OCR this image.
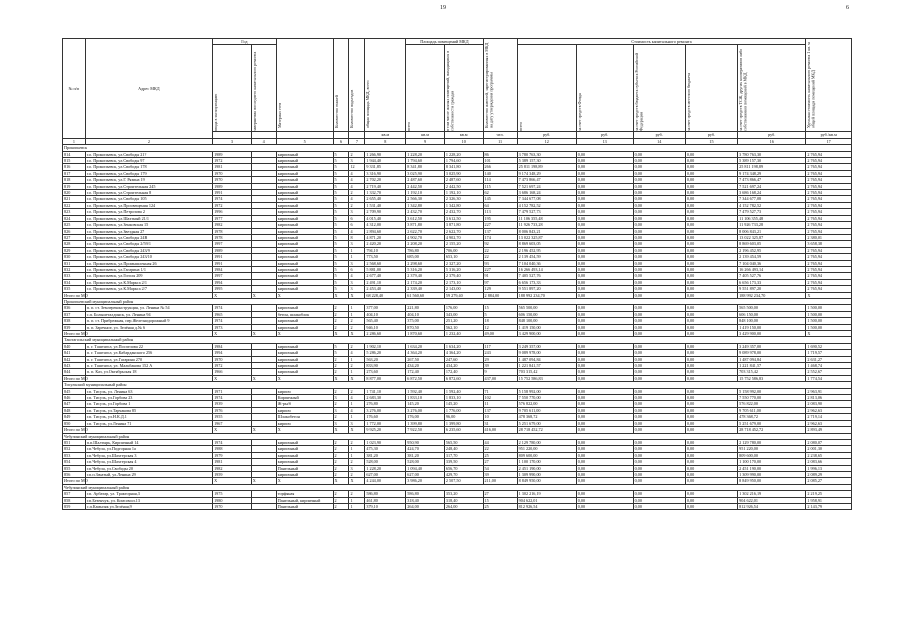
19	6
№ п/п	Адрес МКД	Год		Материал стен	Количество этажей	Количество подъездов	общая площадь МКД, всего	Площадь помещений МКД		Количество жителей, зарегистрированных в МКД на дату утверждения программы	Стоимость капитального ремонта					Удельная стоимость капитального ремонта 1 кв. м общей площади помещений МКД

		ввода в эксплуатацию	завершения последнего капитального ремонта					всего	в том числе жилых помещений, находящихся в собственности граждан		всего	за счет средств Фонда	за счет средств бюджета субъекта Российской Федерации	за счет средств местного бюджета	за счет средств ТСЖ, других кооперативов либо собственников помещений в МКД	

							кв.м	кв.м	кв.м	чел.	руб.	руб.	руб.	руб.	руб.	руб./кв.м
1	2	3	4	5	6	7	8	9	10	11	12	13	14	15	16	17
Прокопьевск																
814	г.о. Прокопьевск, ул.Свободы 21?	1989		кирпичный	5	2	1 266,90	1 228,20	1 228,20	86	3 780 763,30	0,00	0,00	0,00	3 780 763,30	2 765,94
815	г.о. Прокопьевск, ул.Свободы 97	1972		кирпичный	5	3	1 944,40	1 794,60	1 794,60	101	5 389 157,30	0,00	0,00	0,00	5 389 157,30	2 765,94
816	г.о. Прокопьевск, ул.Свободы 178	1981		кирпичный	5	12	9 331,85	8 341,80	8 341,80	266	25 811 198,89	0,00	0,00	0,00	25 811 198,89	2 765,94
817	г.о. Прокопьевск, ул.Свободы 179	1970		кирпичный	5	4	3 316,90	3 025,90	3 025,90	140	9 174 348,29	0,00	0,00	0,00	9 174 348,29	2 765,94
818	г.о. Прокопьевск, ул.Г. Рязина 19	1970		кирпичный	5	4	2 702,20	2 487,60	2 487,60	114	7 473 866,47	0,00	0,00	0,00	7 473 866,47	2 765,94
819	г.о. Прокопьевск, ул.Строительная 245	1989		кирпичный	5	4	2 719,40	2 442,50	2 442,50	115	7 521 697,24	0,00	0,00	0,00	7 521 697,24	2 765,94
820	г.о. Прокопьевск, ул.Строительная 8	1991		кирпичный	5	2	1 332,70	1 192,10	1 192,10	62	3 686 168,24	0,00	0,00	0,00	3 686 168,24	2 765,94
821	г.о. Прокопьевск, ул.Свободы 105	1974		кирпичный	5	4	2 655,40	2 566,30	2 326,30	145	7 344 677,08	0,00	0,00	0,00	7 344 677,08	2 765,94
822	г.о. Прокопьевск, ул.Просвещения 124	1972		кирпичный	5	2	1 531,40	1 342,80	1 342,80	64	4 152 782,52	0,00	0,00	0,00	4 152 782,52	2 765,94
823	г.о. Прокопьевск, ул.Петрозова 2	1996		кирпичный	5	3	2 709,90	2 432,70	2 432,70	113	7 479 527,73	0,00	0,00	0,00	7 479 527,73	2 765,94
824	г.о. Прокопьевск, ул.Шахтный 21/1	1977		кирпичный	5	6	4 015,40	3 612,50	3 612,50	195	11 106 355,48	0,00	0,00	0,00	11 106 355,48	2 765,94
825	г.о. Прокопьевск, ул.Зенковская 15	1982		кирпичный	5	6	4 312,00	3 871,80	3 871,80	227	11 926 733,28	0,00	0,00	0,00	11 926 733,28	2 765,94
826	г.о. Прокопьевск, ул.Звездная 27	1978		кирпичный	5	4	2 894,60	2 622,70	2 622,70	137	8 006 843,21	0,00	0,00	0,00	8 006 843,21	2 765,94
827	г.о. Прокопьевск, ул.Свободы 24В	1978		кирпичный	5	8	4 871,20	4 902,70	4 902,70	174	13 022 325,87	0,00	0,00	0,00	13 022 325,87	2 380,01
828	г.о. Прокопьевск, ул.Свободы 2/59/1	1997		кирпичный	5	3	2 420,20	2 208,20	2 155,20	92	8 869 603,05	0,00	0,00	0,00	8 869 603,05	3 658,38
829	г.о. Прокопьевск, ул.Свободы 243/9	1989		кирпичный	5	1	794,10	786,80	706,00	22	2 196 452,95	0,00	0,00	0,00	2 196 452,95	2 765,94
830	г.о. Прокопьевск, ул.Свободы 243/10	1991		кирпичный	5	1	773,50	685,00	653,10	22	2 139 454,59	0,00	0,00	0,00	2 139 454,59	2 765,94
831	г.о. Прокопьевск, ул.Промышленная 26	1991		кирпичный	5	3	2 568,60	2 298,60	2 327,20	93	7 104 040,36	0,00	0,00	0,00	7 104 040,36	2 765,94
832	г.о. Прокопьевск, ул.Гагарина 1/1	1984		кирпичный	5	6	5 881,00	5 316,20	5 316,20	227	16 266 493,14	0,00	0,00	0,00	16 266 493,14	2 765,94
833	г.о. Прокопьевск, ул.Гоголя 209	1997		кирпичный	5	4	2 677,40	2 379,40	2 379,40	91	7 405 527,76	0,00	0,00	0,00	7 405 527,76	2 765,94
834	г.о. Прокопьевск, ул.К.Маркса 2/1	1994		кирпичный	5	3	2 491,10	2 174,20	2 173,10	97	6 656 173,33	0,00	0,00	0,00	6 656 173,33	2 765,94
835	г.о. Прокопьевск, ул.К.Маркса 2/7	1995		кирпичный	5	3	2 453,40	2 339,40	2 143,00	129	9 551 897,20	0,00	0,00	0,00	9 551 897,20	2 765,94
Итого по МО		X	X	X	X	X	68 228,40	61 560,60	59 279,40	2 884,00	188 992 234,70	0,00	0,00	0,00	188 992 234,70	X
Прокопьевский муниципальный район																
836	п. п. ст. Землереконструкция, ул. Ленина № 54	1974		кирпичный	2	1	377,00	221,80	176,00	15	565 500,00	0,00	0,00	0,00	565 500,00	1 500,00
837	с.п. Большеталдинск, ул. Ленина 94	1965		бетон, шлакоблок	2	1	404,10	404,10	343,00	5	606 150,00	0,00	0,00	0,00	606 150,00	1 500,00
838	п. п. ст. Прибрежная, пер.Железнодорожный 9	1974		кирпичный	2	2	565,40	375,00	251,20	18	848 100,00	0,00	0,00	0,00	848 100,00	1 500,00
839	п. п. Заречное, ул. Зелёная д.№ 6	1973		кирпичный	2	2	946,10	870,50	562,10	12	1 419 150,00	0,00	0,00	0,00	1 419 150,00	1 500,00
Итого по МО		X	X	X	X	X	2 286,60	1 870,60	1 232,40	49,00	3 429 900,00	0,00	0,00	0,00	3 429 900,00	X
Таштагольский муниципальный район																
840	п. г. Таштагол, ул.Поспелова 22	1984		кирпичный	5	2	1 902,10	1 634,20	1 634,20	117	3 249 357,00	0,00	0,00	0,00	3 249 357,00	1 690,52
841	п. г. Таштагол, ул.Кабарданского 256	1994		кирпичный	5	4	5 286,20	4 364,20	4 364,20	243	9 089 978,00	0,00	0,00	0,00	9 089 978,00	1 719,57
842	п. г. Таштагол, ул.Гагарина 270	1970		кирпичный	2	1	563,20	267,50	247,60	29	1 487 094,84	0,00	0,00	0,00	1 487 094,84	2 631,27
843	п. г. Таштагол, ул. Мальбакова 152 А	1972		кирпичный	2	2	833,90	434,20	434,20	39	1 221 841,57	0,00	0,00	0,00	1 221 841,57	1 468,74
844	п. п. Каз, ул.Октябрьская 18	1966		кирпичный	2	1	273,60	172,40	172,40	9	703 315,42	0,00	0,00	0,00	703 315,42	2 552,67
Итого по МО		X	X	X	X	X	8 877,00	6 872,50	6 872,60	437,00	15 752 586,83	0,00	0,00	0,00	15 752 586,83	1 774,54
Тисульский муниципальный район																
845	г.п. Тисуль, ул. Ленина 63	1971		кирпич	2	2	1 741,10	1 592,40	1 592,40	71	5 158 992,00	0,00	0,00	0,00	5 158 992,00	2 963,91
846	г.п. Тисуль, ул.Горбова 23	1974		Кирпичный	3	4	2 683,30	1 833,10	1 833,10	102	7 550 770,00	0,00	0,00	0,00	7 550 770,00	2 813,06
847	г.п. Тисуль, ул.Горбова 1	1939		Ж-ры/б	2	1	276,80	145,20	145,20	11	576 822,00	0,00	0,00	0,00	576 822,00	2 083,90
848	г.п. Тисуль, ул.Тарчакова 85	1976		кирпич	3	4	3 276,00	3 276,00	1 776,00	137	9 705 611,00	0,00	0,00	0,00	9 705 611,00	2 962,63
849	г.п. Тисуль, ул.Н.К.Д.1	1955		Шлакобетон	2	1	176,60	176,00	96,00	10	478 368,72	0,00	0,00	0,00	478 368,72	2 719,14
850	г.п. Тисуль, ул.Ленина 71	1967		кирпич	3	3	1 772,00	1 399,80	1 399,80	31	5 251 679,00	0,00	0,00	0,00	5 251 679,00	2 962,63
Итого по МО		X	X	X	X	X	9 925,20	7 922,50	6 235,60	416,00	28 718 452,72	0,00	0,00	0,00	28 718 452,72	2 893,49
Чебулинский муниципальный район																
851	п.п.Шалтырь, Кирпичный 14	1974		кирпичный	2	2	1 023,90	950,90	565,50	44	2 129 780,00	0,00	0,00	0,00	2 129 780,00	2 080,07
852	г.п.Чебула, ул.Подгорная 1а	1988		кирпичный	2	1	475,30	424,70	248,40	22	951 220,00	0,00	0,00	0,00	951 220,00	2 001,30
853	г.п.Чебула, ул.Шахтерская 3	1979		кирпичный	2	1	381,20	381,20	317,70	25	809 600,00	0,00	0,00	0,00	809 600,00	2 238,65
854	г.п.Чебула, ул.Шахтерская 4	1981		кирпичный	2	2	528,00	528,00	339,50	27	1 100 170,00	0,00	0,00	0,00	1 100 170,00	2 083,66
855	г.п.Чебула, ул.Свободы 20	1982		Панельный	2	3	1 228,20	1 094,40	656,70	54	2 451 190,00	0,00	0,00	0,00	2 451 190,00	1 996,13
856	г.п.п.Зачатый, ул.Ленина 29	1959		кирпичный	2	2	627,00	627,00	429,70	39	1 309 990,00	0,00	0,00	0,00	1 309 990,00	2 089,29
Итого по МО		X	X	X	X	X	4 244,00	3 986,20	2 507,50	211,00	8 849 950,00	0,00	0,00	0,00	8 849 950,00	2 085,27
Чебулинский муниципальный район																
857	г.п. Арбатар, ул. Тракторная,3	1975		торфяная	2	2	586,80	586,80	353,20	27	1 302 216,19	0,00	0,00	0,00	1 302 216,19	2 219,25
858	г.п.Безенчук, ул. Комсомол.13	1980		Панельный, кирпичный	2	1	461,80	318,40	318,40	15	904 622,01	0,00	0,00	0,00	904 622,01	1 958,91
859	с.п.Камызяк ул.Зелёная,9	1970		Панельный	2	1	379,10	264,00	264,00	25	812 926,54	0,00	0,00	0,00	812 926,54	2 143,79
